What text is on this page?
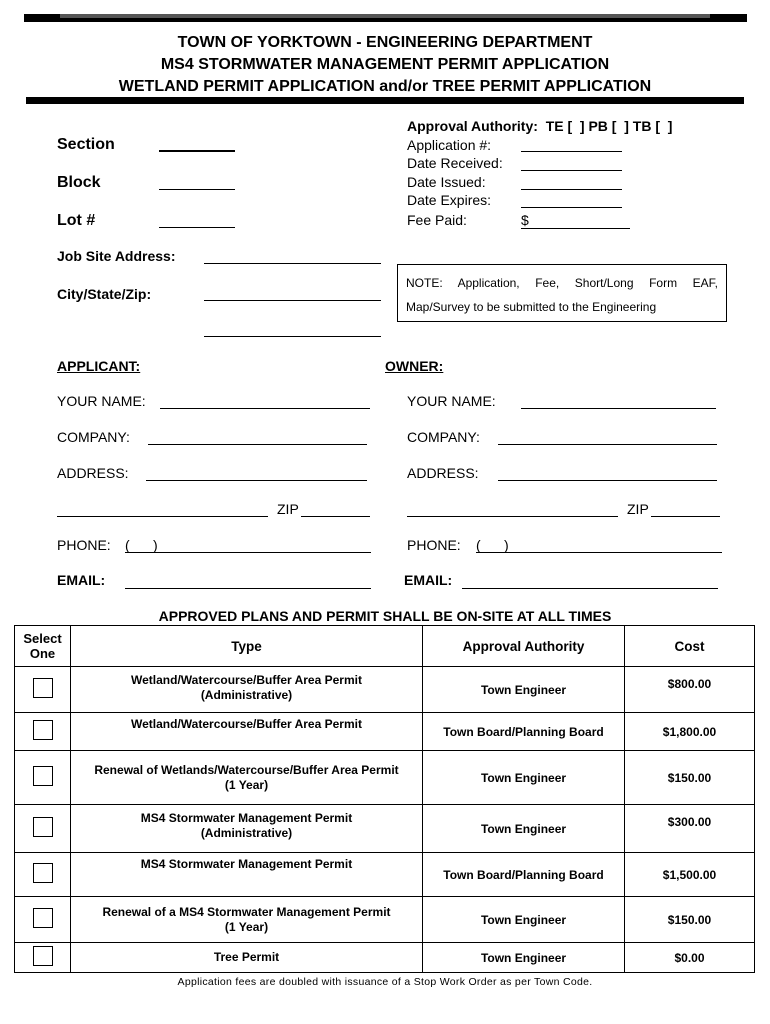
TOWN OF YORKTOWN - ENGINEERING DEPARTMENT
MS4 STORMWATER MANAGEMENT PERMIT APPLICATION
WETLAND PERMIT APPLICATION and/or TREE PERMIT APPLICATION
Section
Block
Lot #
Approval Authority:  TE [  ] PB [  ] TB [  ]
Application #:
Date Received:
Date Issued:
Date Expires:
Fee Paid:	$
Job Site Address:
City/State/Zip:
NOTE: Application, Fee, Short/Long Form EAF, Map/Survey to be submitted to the Engineering
APPLICANT:	OWNER:
YOUR NAME:
COMPANY:
ADDRESS:
ZIP
PHONE: (      )
EMAIL:
YOUR NAME:
COMPANY:
ADDRESS:
ZIP
PHONE: (      )
EMAIL:
APPROVED PLANS AND PERMIT SHALL BE ON-SITE AT ALL TIMES
Select One	Type	Approval Authority	Cost

	Wetland/Watercourse/Buffer Area Permit
(Administrative)	Town Engineer	$800.00

	Wetland/Watercourse/Buffer Area Permit	Town Board/Planning Board	$1,800.00

	Renewal of Wetlands/Watercourse/Buffer Area Permit
(1 Year)	Town Engineer	$150.00

	MS4 Stormwater Management Permit
(Administrative)	Town Engineer	$300.00

	MS4 Stormwater Management Permit	Town Board/Planning Board	$1,500.00

	Renewal of a MS4 Stormwater Management Permit
(1 Year)	Town Engineer	$150.00
	Tree Permit	Town Engineer	$0.00
Application fees are doubled with issuance of a Stop Work Order as per Town Code.
